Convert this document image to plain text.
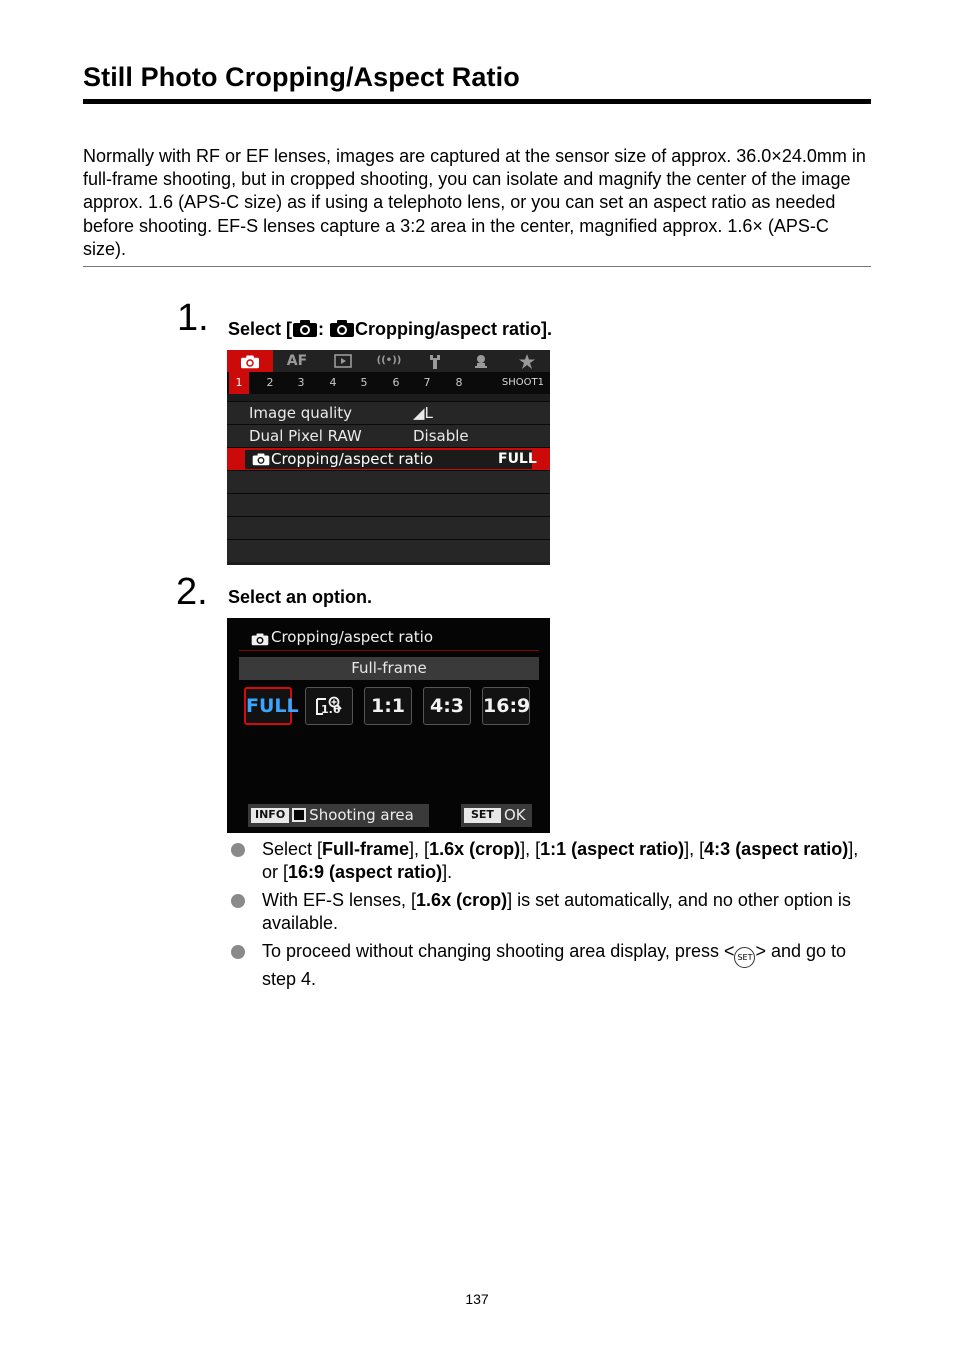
Still Photo Cropping/Aspect Ratio

Normally with RF or EF lenses, images are captured at the sensor size of approx. 36.0×24.0mm in full-frame shooting, but in cropped shooting, you can isolate and magnify the center of the image approx. 1.6 (APS-C size) as if using a telephoto lens, or you can set an aspect ratio as needed before shooting. EF-S lenses capture a 3:2 area in the center, magnified approx. 1.6× (APS-C size).

1. Select [ :
Cropping/aspect ratio].
AF	((•))
1	2	3	4	5	6	7	8	SHOOT1
Image quality	◢L
Dual Pixel RAW	Disable
Cropping/aspect ratio	FULL
2. Select an option.
Cropping/aspect ratio
Full-frame
FULL 1.6	1:1	4:3 16:9
INFO Shooting area	SET OK
Select [Full-frame], [1.6x (crop)], [1:1 (aspect ratio)], [4:3 (aspect ratio)], or [16:9 (aspect ratio)].
With EF-S lenses, [1.6x (crop)] is set automatically, and no other option is available.
To proceed without changing shooting area display, press < SET > and go to step 4.
137
